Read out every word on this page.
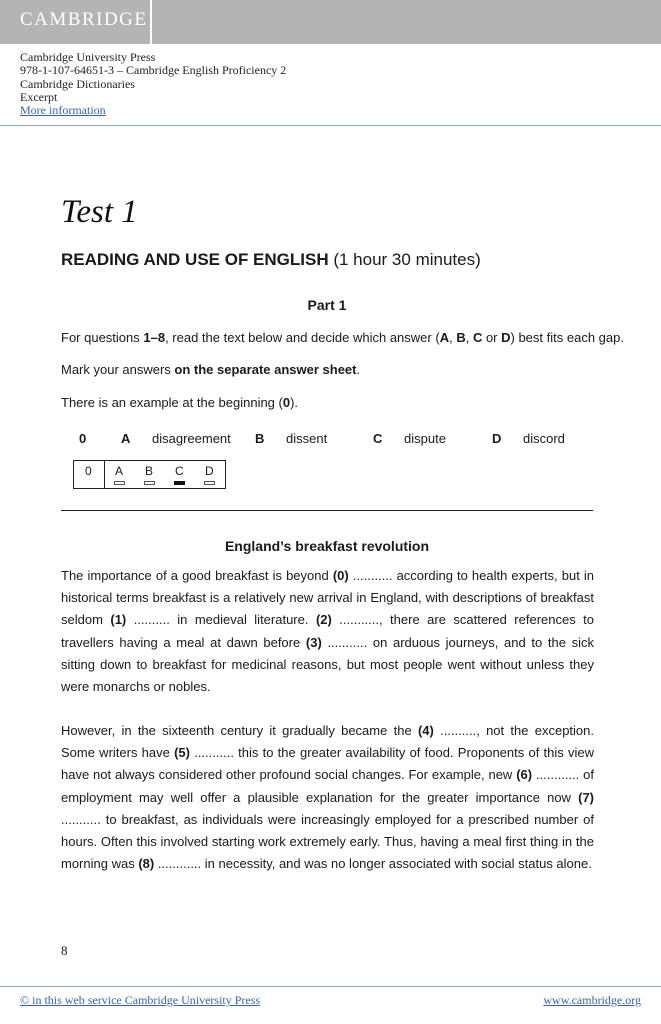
CAMBRIDGE
Cambridge University Press
978-1-107-64651-3 – Cambridge English Proficiency 2
Cambridge Dictionaries
Excerpt
More information
Test 1
READING AND USE OF ENGLISH (1 hour 30 minutes)
Part 1
For questions 1–8, read the text below and decide which answer (A, B, C or D) best fits each gap.
Mark your answers on the separate answer sheet.
There is an example at the beginning (0).
0	A disagreement B dissent	C dispute	D discord
0 A B C D
England’s breakfast revolution
The importance of a good breakfast is beyond (0) ........... according to health experts, but in historical terms breakfast is a relatively new arrival in England, with descriptions of breakfast seldom (1) .......... in medieval literature. (2) ..........., there are scattered references to travellers having a meal at dawn before (3) ........... on arduous journeys, and to the sick sitting down to breakfast for medicinal reasons, but most people went without unless they were monarchs or nobles.
However, in the sixteenth century it gradually became the (4) .........., not the exception. Some writers have (5) ........... this to the greater availability of food. Proponents of this view have not always considered other profound social changes. For example, new (6) ............ of employment may well offer a plausible explanation for the greater importance now (7) ........... to breakfast, as individuals were increasingly employed for a prescribed number of hours. Often this involved starting work extremely early. Thus, having a meal first thing in the morning was (8) ............ in necessity, and was no longer associated with social status alone.
8
© in this web service Cambridge University Press	www.cambridge.org
